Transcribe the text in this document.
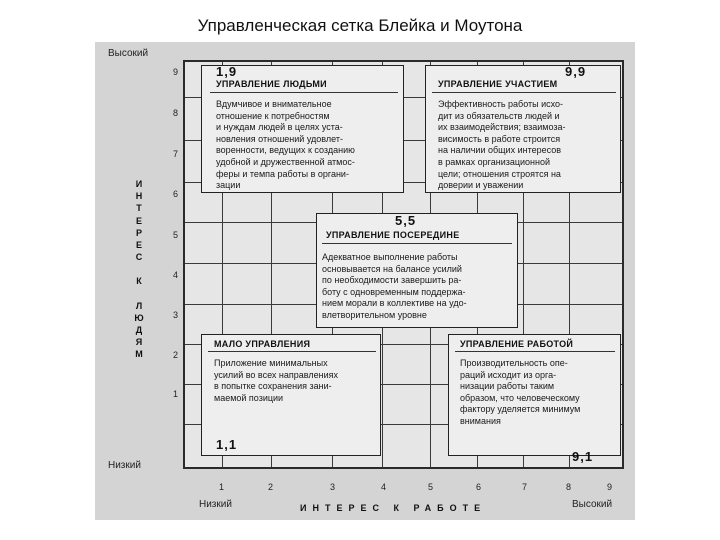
Управленческая сетка Блейка и Моутона
1,9
УПРАВЛЕНИЕ ЛЮДЬМИ
Вдумчивое и внимательное
отношение к потребностям
и нуждам людей в целях уста-
новления отношений удовлет-
воренности, ведущих к созданию
удобной и дружественной атмос-
феры и темпа работы в органи-
зации
9,9
УПРАВЛЕНИЕ УЧАСТИЕМ
Эффективность работы исхо-
дит из обязательств людей и
их взаимодействия; взаимоза-
висимость в работе строится
на наличии общих интересов
в рамках организационной
цели; отношения строятся на
доверии и уважении
5,5
УПРАВЛЕНИЕ ПОСЕРЕДИНЕ
Адекватное выполнение работы
основывается на балансе усилий
по необходимости завершить ра-
боту с одновременным поддержа-
нием морали в коллективе на удо-
влетворительном уровне
МАЛО УПРАВЛЕНИЯ
Приложение минимальных
усилий во всех направлениях
в попытке сохранения зани-
маемой позиции
1,1
УПРАВЛЕНИЕ РАБОТОЙ
Производительность опе-
раций исходит из орга-
низации работы таким
образом, что человеческому
фактору уделяется минимум
внимания
9,1
Высокий
Низкий
9
8
7
6
5
4
3
2
1
И
Н
Т
Е
Р
Е
С
К
Л
Ю
Д
Я
М
1	2	3	4	5	6	7	8	9
Низкий	Высокий
ИНТЕРЕС К РАБОТЕ
